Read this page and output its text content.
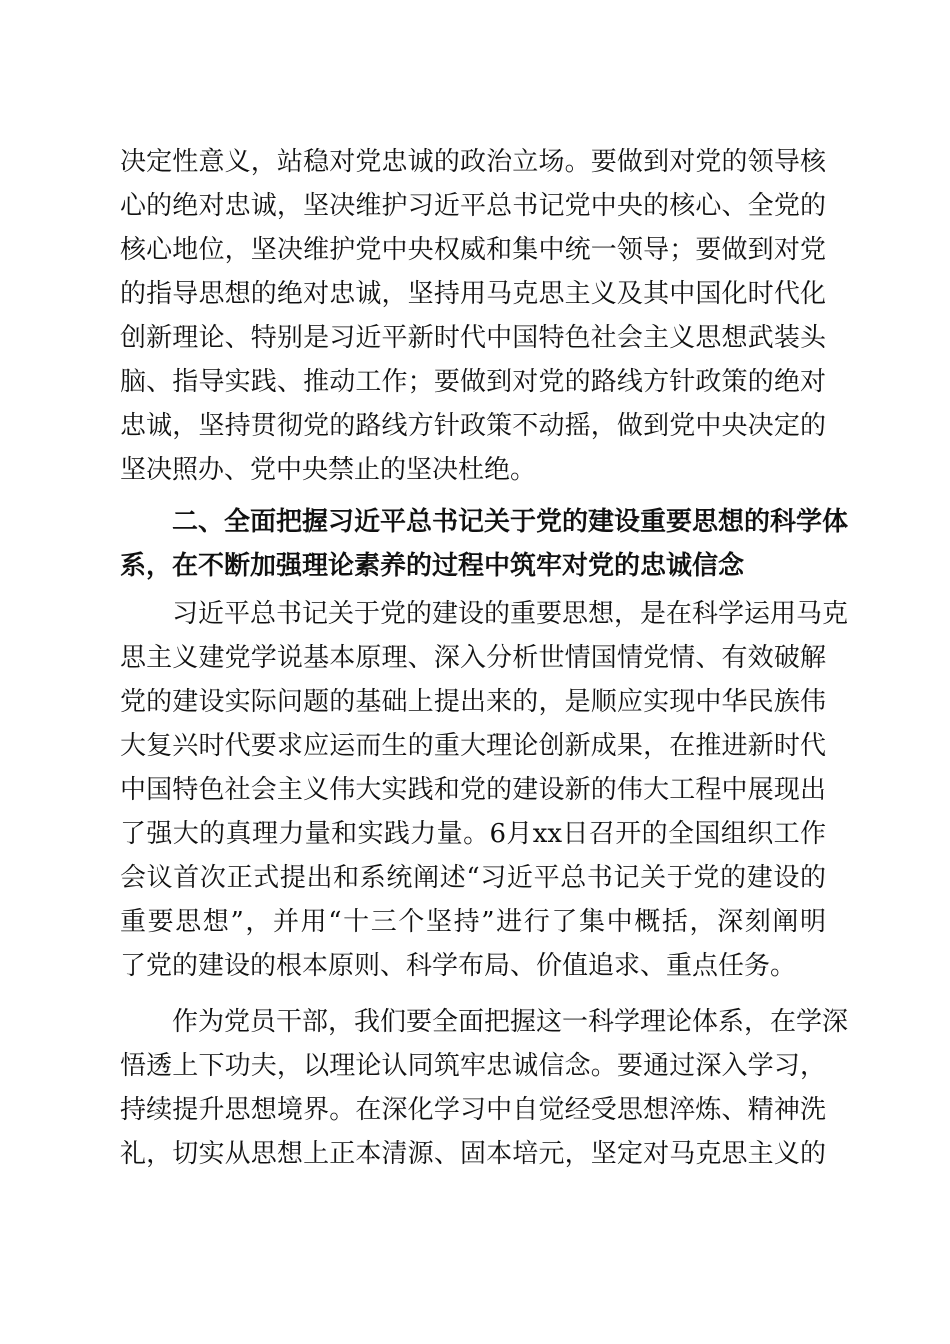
决定性意义，站稳对党忠诚的政治立场。要做到对党的领导核
心的绝对忠诚，坚决维护习近平总书记党中央的核心、全党的
核心地位，坚决维护党中央权威和集中统一领导；要做到对党
的指导思想的绝对忠诚，坚持用马克思主义及其中国化时代化
创新理论、特别是习近平新时代中国特色社会主义思想武装头
脑、指导实践、推动工作；要做到对党的路线方针政策的绝对
忠诚，坚持贯彻党的路线方针政策不动摇，做到党中央决定的
坚决照办、党中央禁止的坚决杜绝。
二、全面把握习近平总书记关于党的建设重要思想的科学体
系，在不断加强理论素养的过程中筑牢对党的忠诚信念
习近平总书记关于党的建设的重要思想，是在科学运用马克
思主义建党学说基本原理、深入分析世情国情党情、有效破解
党的建设实际问题的基础上提出来的，是顺应实现中华民族伟
大复兴时代要求应运而生的重大理论创新成果，在推进新时代
中国特色社会主义伟大实践和党的建设新的伟大工程中展现出
了强大的真理力量和实践力量。6月xx日召开的全国组织工作
会议首次正式提出和系统阐述“习近平总书记关于党的建设的
重要思想”，并用“十三个坚持”进行了集中概括，深刻阐明
了党的建设的根本原则、科学布局、价值追求、重点任务。
作为党员干部，我们要全面把握这一科学理论体系，在学深
悟透上下功夫，以理论认同筑牢忠诚信念。要通过深入学习，
持续提升思想境界。在深化学习中自觉经受思想淬炼、精神洗
礼，切实从思想上正本清源、固本培元，坚定对马克思主义的
